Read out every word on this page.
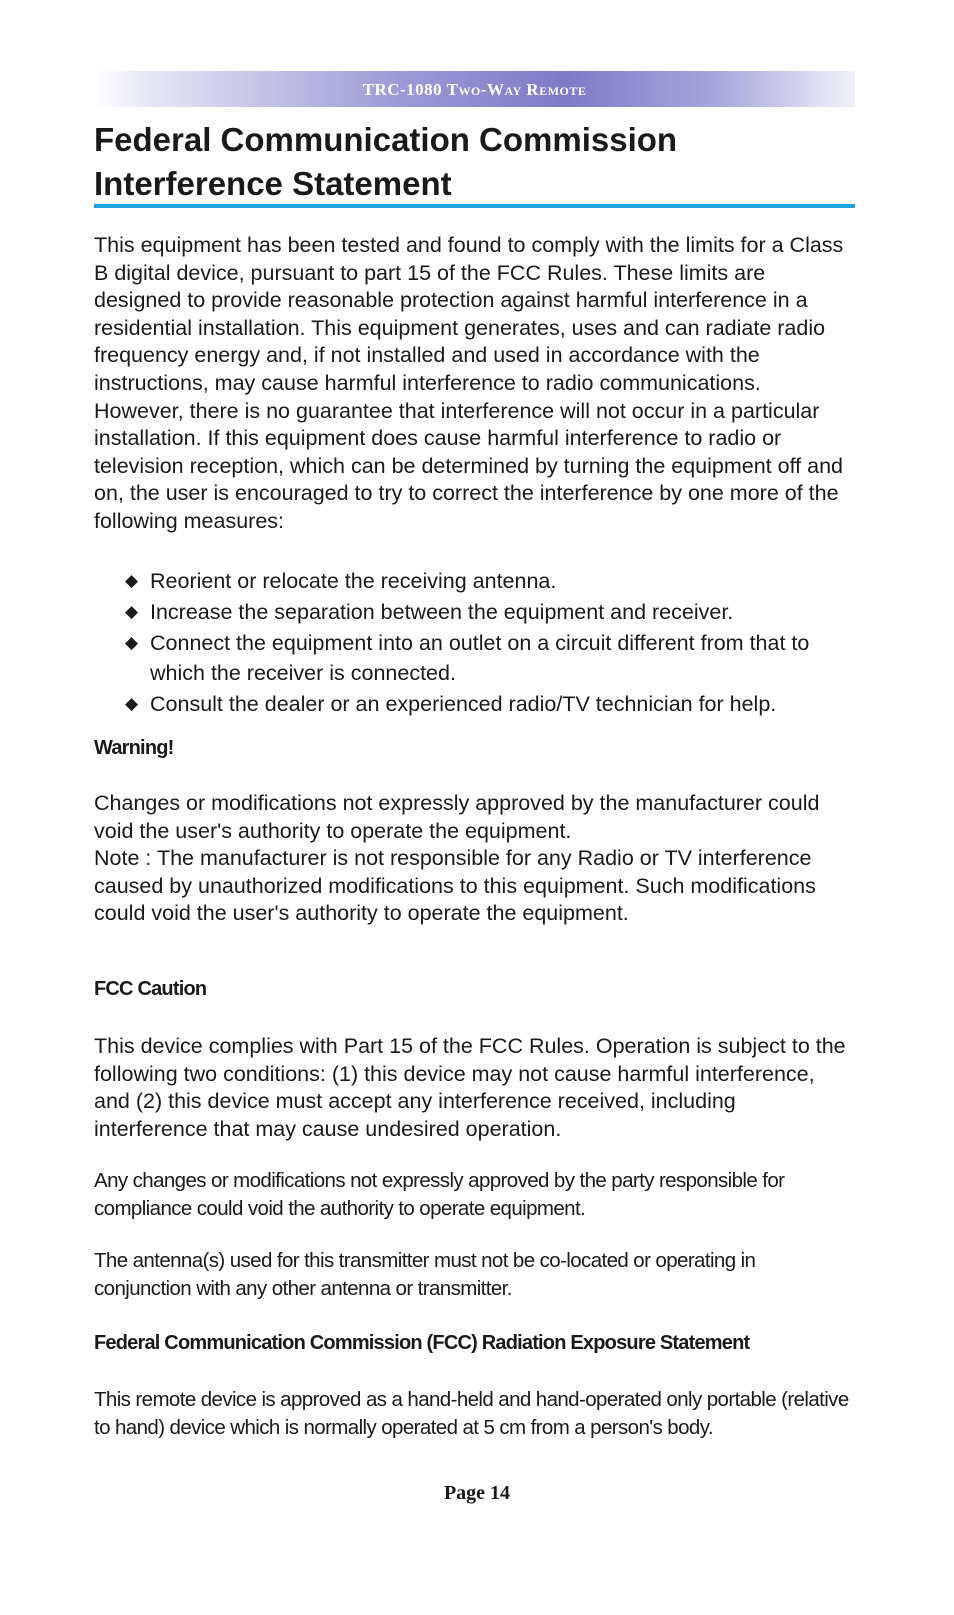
TRC-1080 Two-Way Remote
Federal Communication Commission Interference Statement

This equipment has been tested and found to comply with the limits for a Class B digital device, pursuant to part 15 of the FCC Rules. These limits are designed to provide reasonable protection against harmful interference in a residential installation. This equipment generates, uses and can radiate radio frequency energy and, if not installed and used in accordance with the instructions, may cause harmful interference to radio communications. However, there is no guarantee that interference will not occur in a particular installation. If this equipment does cause harmful interference to radio or television reception, which can be determined by turning the equipment off and on, the user is encouraged to try to correct the interference by one more of the following measures:

◆ Reorient or relocate the receiving antenna.
◆ Increase the separation between the equipment and receiver.
◆ Connect the equipment into an outlet on a circuit different from that to which the receiver is connected.
◆ Consult the dealer or an experienced radio/TV technician for help.
Warning!

Changes or modifications not expressly approved by the manufacturer could void the user's authority to operate the equipment.

Note : The manufacturer is not responsible for any Radio or TV interference caused by unauthorized modifications to this equipment. Such modifications could void the user's authority to operate the equipment.

FCC Caution

This device complies with Part 15 of the FCC Rules. Operation is subject to the following two conditions: (1) this device may not cause harmful interference, and (2) this device must accept any interference received, including interference that may cause undesired operation.

Any changes or modifications not expressly approved by the party responsible for compliance could void the authority to operate equipment.

The antenna(s) used for this transmitter must not be co-located or operating in conjunction with any other antenna or transmitter.

Federal Communication Commission (FCC) Radiation Exposure Statement

This remote device is approved as a hand-held and hand-operated only portable (relative to hand) device which is normally operated at 5 cm from a person's body.

Page 14
